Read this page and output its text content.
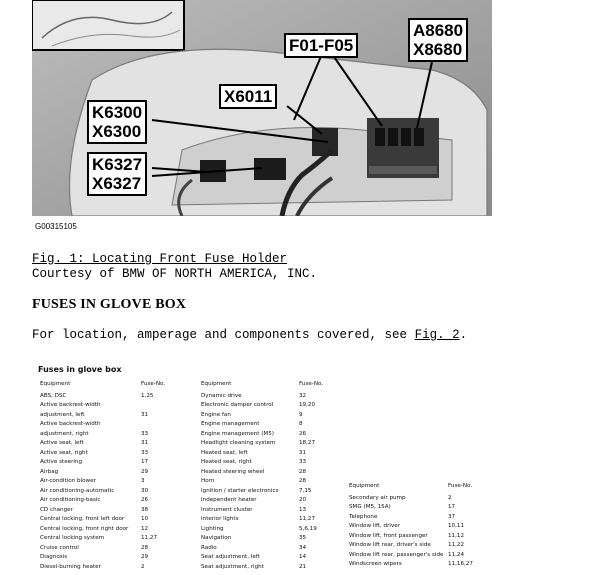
A8680
X8680
F01-F05
X6011
K6300
X6300
K6327
X6327
G00315105
Fig. 1: Locating Front Fuse Holder
Courtesy of BMW OF NORTH AMERICA, INC.
FUSES IN GLOVE BOX
For location, amperage and components covered, see Fig. 2.
Fuses in glove box
Equipment
ABS, DSC
Active backrest-width
adjustment, left
Active backrest-width
adjustment, right
Active seat, left
Active seat, right
Active steering
Airbag
Air-condition blower
Air conditioning-automatic
Air conditioning-basic
CD changer
Central locking, front left door
Central locking, front right door
Central locking system
Cruise control
Diagnosis
Diesel-burning heater
Fuse-No.
1,25
31
33
31
33
17
29
3
30
26
38
10
12
11,27
28
29
2
Equipment
Dynamic drive
Electronic damper control
Engine fan
Engine management
Engine management (M5)
Headlight cleaning system
Heated seat, left
Heated seat, right
Heated steering wheel
Horn
Ignition / starter electronics
Independent heater
Instrument cluster
Interior lights
Lighting
Navigation
Radio
Seat adjustment, left
Seat adjustment, right
Fuse-No.
32
19,20
9
8
26
18,27
31
33
28
28
7,15
20
13
11,27
5,6,19
35
34
14
21
Equipment
Secondary air pump
SMG (M5, 15A)
Telephone
Window lift, driver
Window lift, front passenger
Window lift rear, driver's side
Window lift rear, passenger's side
Windscreen wipers
Fuse-No.
2
17
37
10,11
11,12
11,22
11,24
11,16,27
